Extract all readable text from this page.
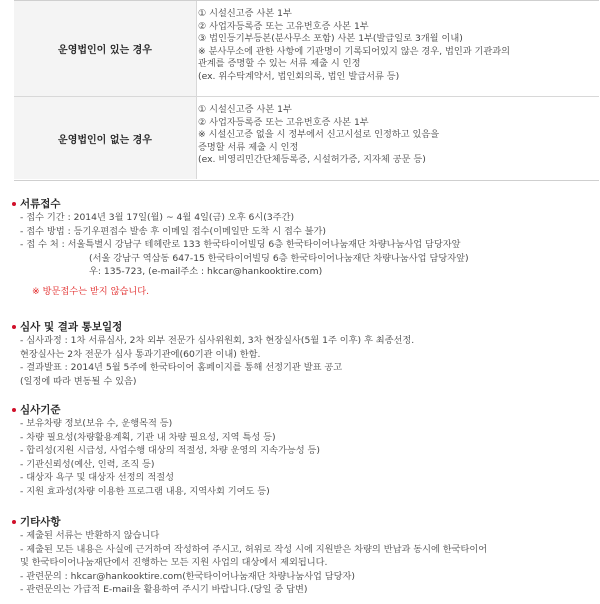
운영법인이 있는 경우
① 시설신고증 사본 1부
② 사업자등록증 또는 고유번호증 사본 1부
③ 법인등기부등본(분사무소 포함) 사본 1부(발급일로 3개월 이내)
※ 분사무소에 관한 사항에 기관명이 기록되어있지 않은 경우, 법인과 기관과의
관계를 증명할 수 있는 서류 제출 시 인정
(ex. 위수탁계약서, 법인회의록, 법인 발급서류 등)
운영법인이 없는 경우
① 시설신고증 사본 1부
② 사업자등록증 또는 고유번호증 사본 1부
※ 시설신고증 없을 시 정부에서 신고시설로 인정하고 있음을
증명할 서류 제출 시 인정
(ex. 비영리민간단체등록증, 시설허가증, 지자체 공문 등)
서류접수
- 접수 기간 : 2014년 3월 17일(월) ~ 4월 4일(금) 오후 6시(3주간)
- 접수 방법 : 등기우편접수 발송 후 이메일 접수(이메일만 도착 시 접수 불가)
- 접 수 처 : 서울특별시 강남구 테헤란로 133 한국타이어빌딩 6층 한국타이어나눔재단 차량나눔사업 담당자앞
(서울 강남구 역삼동 647-15 한국타이어빌딩 6층 한국타이어나눔재단 차량나눔사업 담당자앞)
우: 135-723, (e-mail주소 : hkcar@hankooktire.com)
※ 방문접수는 받지 않습니다.
심사 및 결과 통보일정
- 심사과정 : 1차 서류심사, 2차 외부 전문가 심사위원회, 3차 현장실사(5월 1주 이후) 후 최종선정.
현장실사는 2차 전문가 심사 통과기관에(60기관 이내) 한함.
- 결과발표 : 2014년 5월 5주에 한국타이어 홈페이지를 통해 선정기관 발표 공고
(일정에 따라 변동될 수 있음)
심사기준
- 보유차량 정보(보유 수, 운행목적 등)
- 차량 필요성(차량활용계획, 기관 내 차량 필요성, 지역 특성 등)
- 합리성(지원 시급성, 사업수행 대상의 적절성, 차량 운영의 지속가능성 등)
- 기관신뢰성(예산, 인력, 조직 등)
- 대상자 욕구 및 대상자 선정의 적절성
- 지원 효과성(차량 이용한 프로그램 내용, 지역사회 기여도 등)
기타사항
- 제출된 서류는 반환하지 않습니다
- 제출된 모든 내용은 사실에 근거하여 작성하여 주시고, 허위로 작성 시에 지원받은 차량의 반납과 동시에 한국타이어
및 한국타이어나눔재단에서 진행하는 모든 지원 사업의 대상에서 제외됩니다.
- 관련문의 : hkcar@hankooktire.com(한국타이어나눔재단 차량나눔사업 담당자)
- 관련문의는 가급적 E-mail을 활용하여 주시기 바랍니다.(당일 중 답변)
